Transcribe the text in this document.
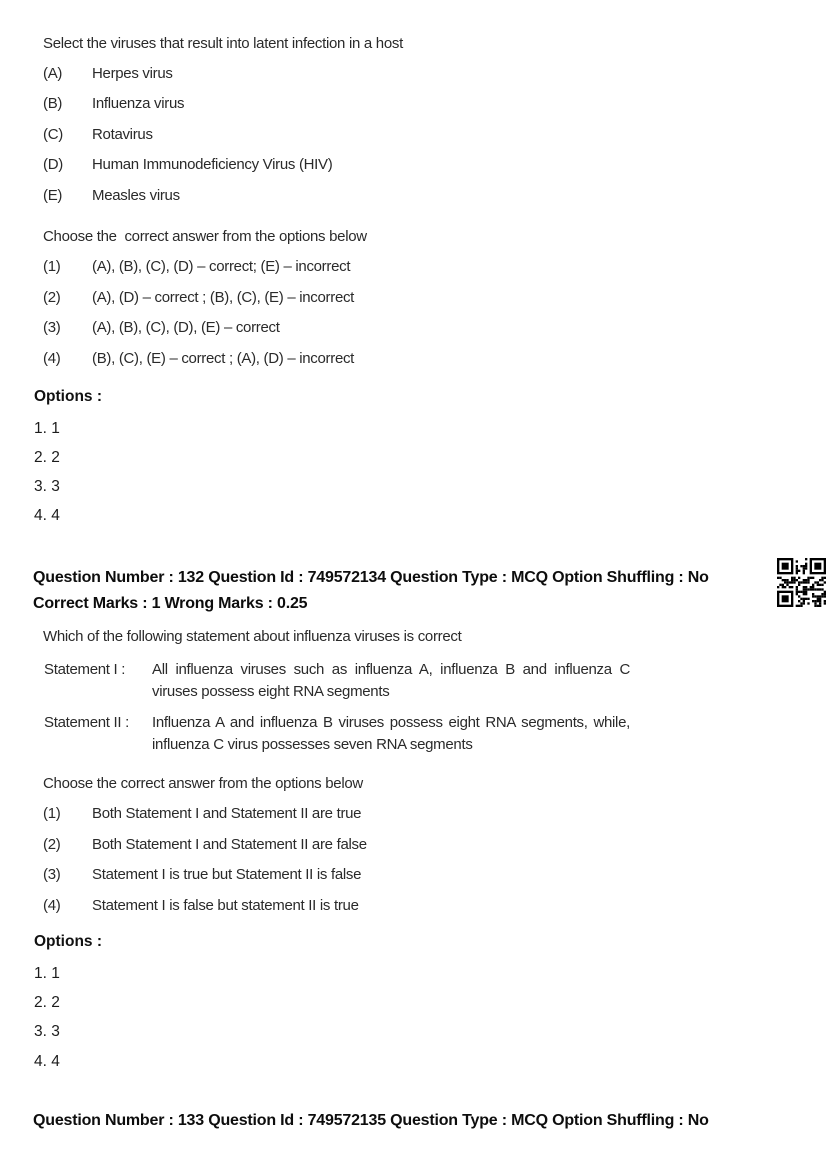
Select the viruses that result into latent infection in a host

(A)	Herpes virus
(B)	Influenza virus
(C)	Rotavirus
(D)	Human Immunodeficiency Virus (HIV)
(E)	Measles virus

Choose the  correct answer from the options below

(1)	(A), (B), (C), (D) – correct; (E) – incorrect
(2)	(A), (D) – correct ; (B), (C), (E) – incorrect
(3)	(A), (B), (C), (D), (E) – correct
(4)	(B), (C), (E) – correct ; (A), (D) – incorrect

Options :

1. 1
2. 2
3. 3
4. 4
Question Number : 132 Question Id : 749572134 Question Type : MCQ Option Shuffling : No
Correct Marks : 1 Wrong Marks : 0.25

Which of the following statement about influenza viruses is correct

Statement I :	All influenza viruses such as influenza A, influenza B and influenza C viruses possess eight RNA segments
Statement II :	Influenza A and influenza B viruses possess eight RNA segments, while, influenza C virus possesses seven RNA segments

Choose the correct answer from the options below

(1)	Both Statement I and Statement II are true
(2)	Both Statement I and Statement II are false
(3)	Statement I is true but Statement II is false
(4)	Statement I is false but statement II is true

Options :

1. 1
2. 2
3. 3
4. 4
Question Number : 133 Question Id : 749572135 Question Type : MCQ Option Shuffling : No
